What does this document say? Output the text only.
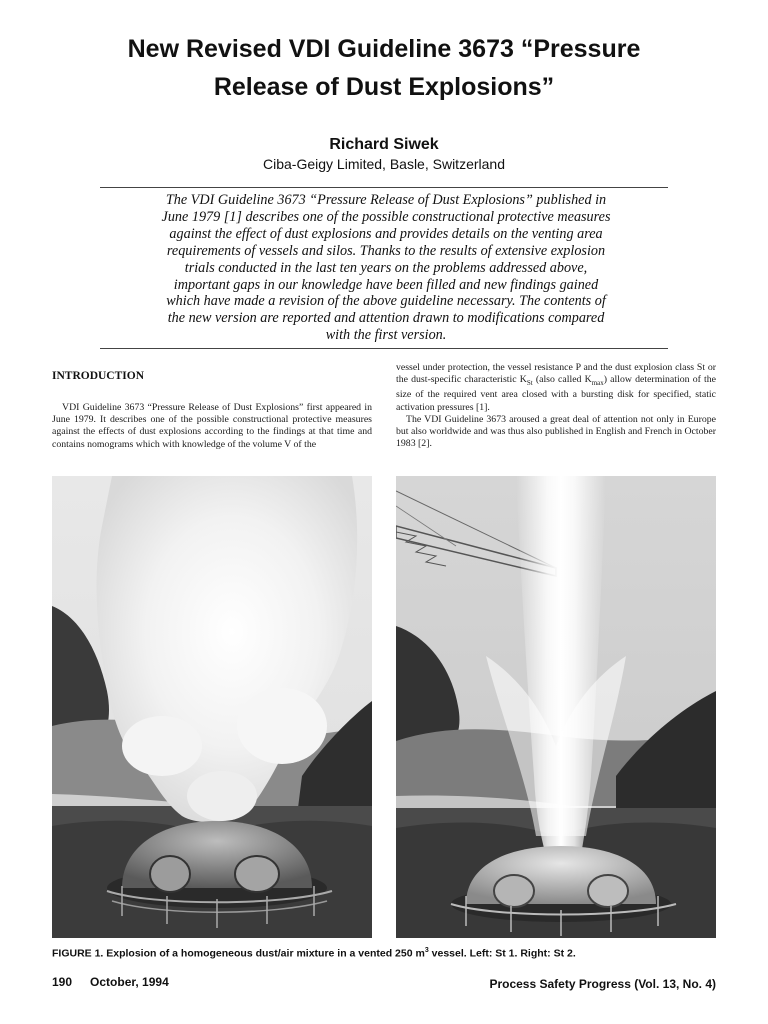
New Revised VDI Guideline 3673 “Pressure
Release of Dust Explosions”
Richard Siwek
Ciba-Geigy Limited, Basle, Switzerland

The VDI Guideline 3673 “Pressure Release of Dust Explosions” published in
June 1979 [1] describes one of the possible constructional protective measures
against the effect of dust explosions and provides details on the venting area
requirements of vessels and silos. Thanks to the results of extensive explosion
trials conducted in the last ten years on the problems addressed above,
important gaps in our knowledge have been filled and new findings gained
which have made a revision of the above guideline necessary. The contents of
the new version are reported and attention drawn to modifications compared
with the first version.

INTRODUCTION

VDI Guideline 3673 “Pressure Release of Dust Explosions” first appeared in June 1979. It describes one of the possible constructional protective measures against the effects of dust explosions according to the findings at that time and contains nomograms which with knowledge of the volume V of the

vessel under protection, the vessel resistance P and the dust explosion class St or the dust-specific characteristic $K_{St}$ (also called $K_{max}$) allow determination of the size of the required vent area closed with a bursting disk for specified, static activation pressures [1].

The VDI Guideline 3673 aroused a great deal of attention not only in Europe but also worldwide and was thus also published in English and French in October 1983 [2].

FIGURE 1. Explosion of a homogeneous dust/air mixture in a vented 250 $m^3$ vessel. Left: St 1. Right: St 2.
190 October, 1994	Process Safety Progress (Vol. 13, No. 4)
